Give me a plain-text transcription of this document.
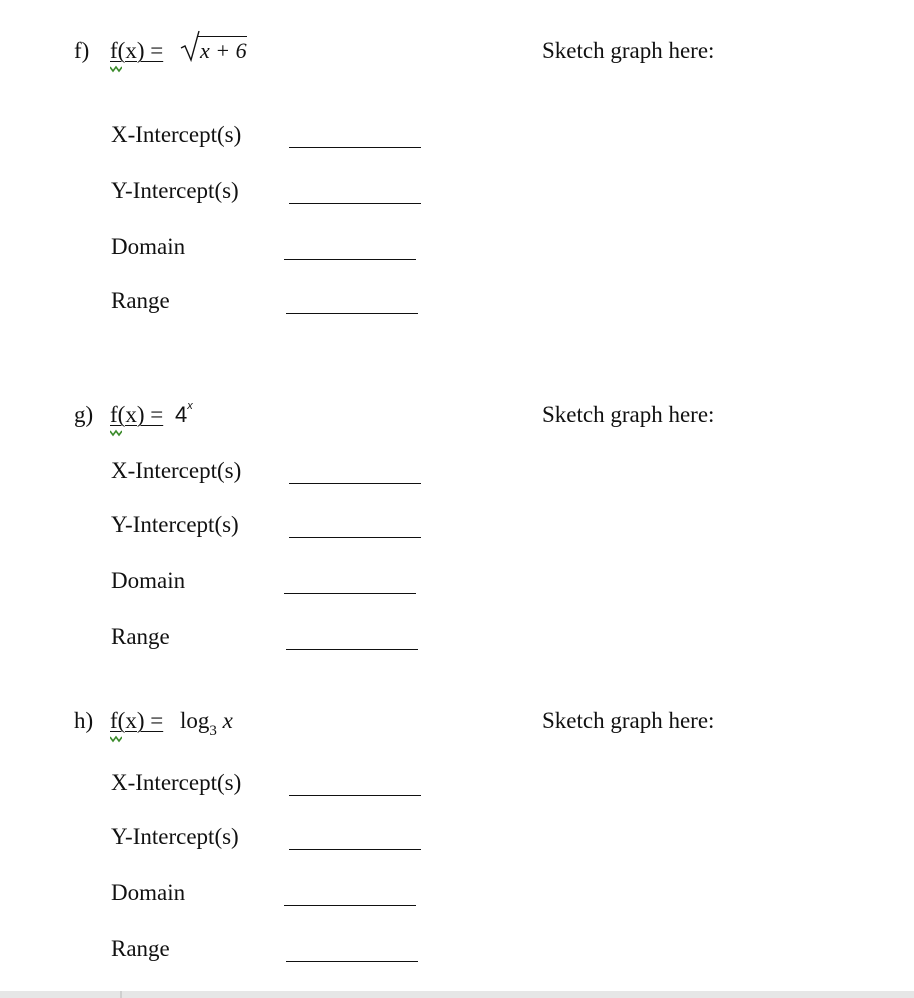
f) f(x) =	x + 6	Sketch graph here:
X-Intercept(s)
Y-Intercept(s)
Domain
Range
g) $f(x) = 4^x$	Sketch graph here:
X-Intercept(s)
Y-Intercept(s)
Domain
Range
h) $f(x) = \log_3 x$	Sketch graph here:
X-Intercept(s)
Y-Intercept(s)
Domain
Range
